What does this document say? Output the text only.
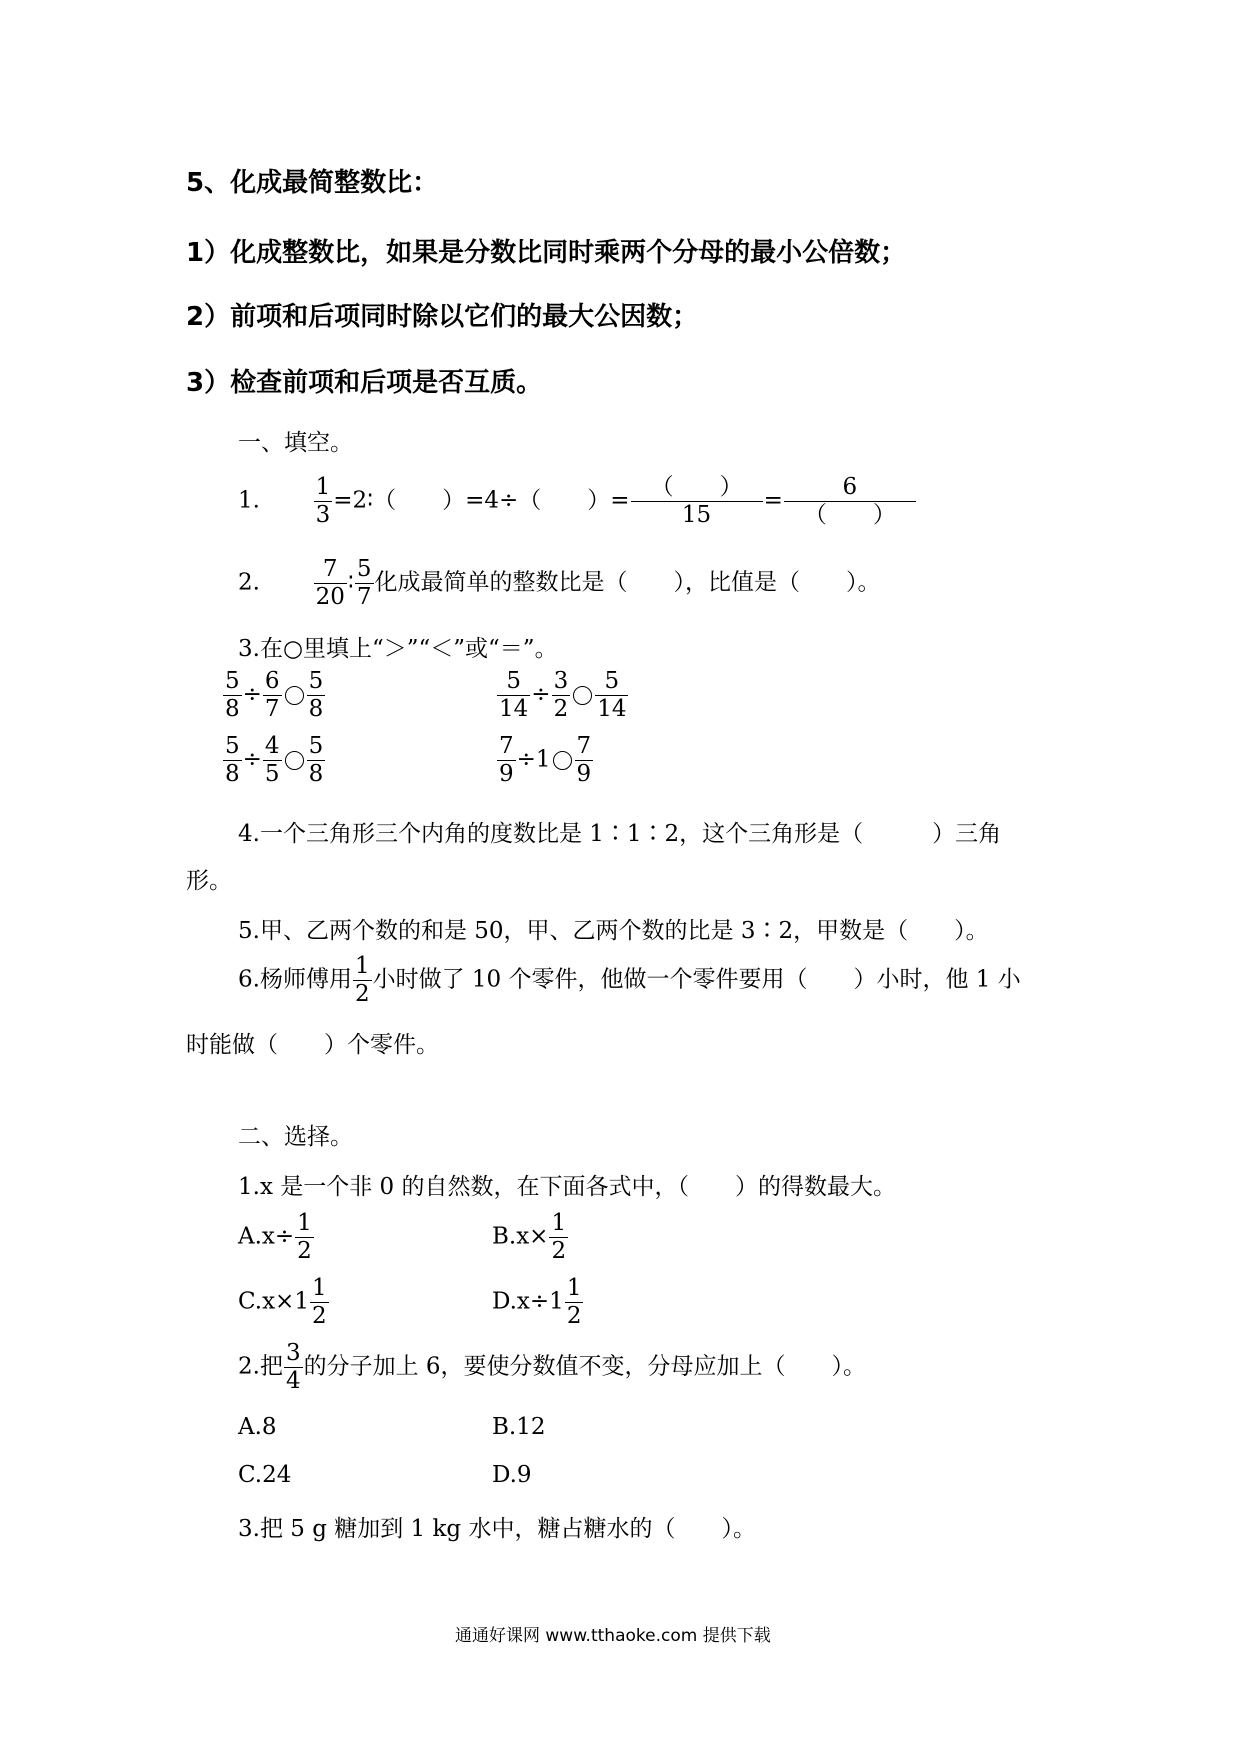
5、化成最简整数比：
1）化成整数比，如果是分数比同时乘两个分母的最小公倍数；
2）前项和后项同时除以它们的最大公因数；
3）检查前项和后项是否互质。
一、填空。
1. $\frac{1}{3}$ =2∶（　　）=4÷（　　）= $\frac{( )}{15} = \frac{6}{( )}$
2. $\frac{7}{20}$ ∶ $\frac{5}{7}$ 化成最简单的整数比是（　　），比值是（　　）。
3.在○里填上“＞”“＜”或“＝”。
$\frac{5}{8} \div \frac{6}{7} \frac{5}{8}$	$\frac{5}{14} \div \frac{3}{2} \frac{5}{14}$
$\frac{5}{8} \div \frac{4}{5} \frac{5}{8}$	$\frac{7}{9} \div 1 \frac{7}{9}$
4.一个三角形三个内角的度数比是 1∶1∶2，这个三角形是（　　　）三角
形。
5.甲、乙两个数的和是 50，甲、乙两个数的比是 3∶2，甲数是（　　）。
6.杨师傅用 $\frac{1}{2}$ 小时做了 10 个零件，他做一个零件要用（　　）小时，他 1 小
时能做（　　）个零件。
二、选择。
1.x 是一个非 0 的自然数，在下面各式中，（　　）的得数最大。
$A.x\div \frac{1}{2}$	$B.x\times \frac{1}{2}$
$C.x\times 1 \frac{1}{2}$	$D.x\div 1 \frac{1}{2}$
2.把 $\frac{3}{4}$ 的分子加上 6，要使分数值不变，分母应加上（　　）。
A.8	B.12
C.24	D.9
3.把 5 g 糖加到 1 kg 水中，糖占糖水的（　　）。
通通好课网 www.tthaoke.com 提供下载
